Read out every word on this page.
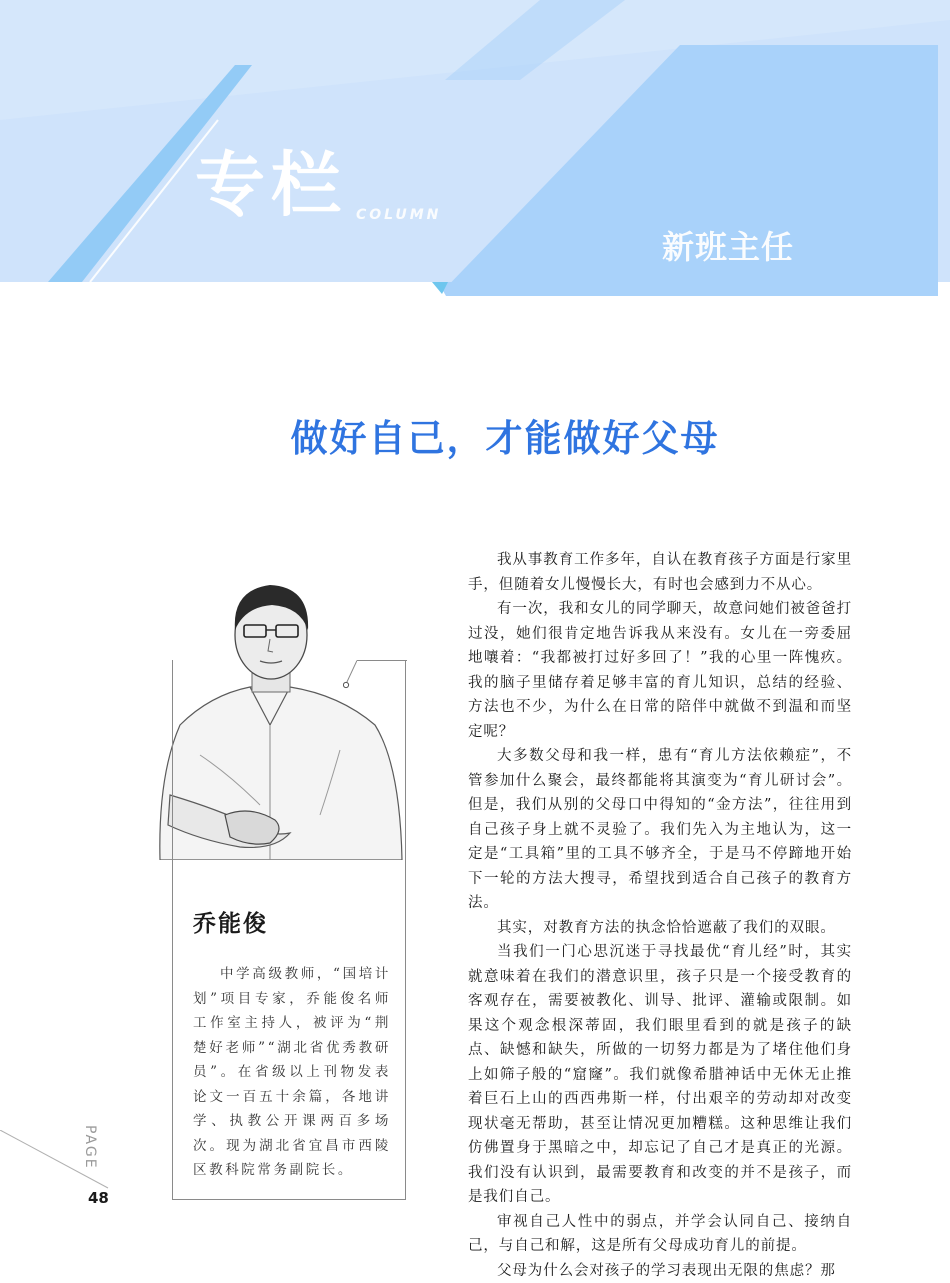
专栏 COLUMN
新班主任
做好自己，才能做好父母
乔能俊
中学高级教师，“国培计划”项目专家，乔能俊名师工作室主持人，被评为“荆楚好老师”“湖北省优秀教研员”。在省级以上刊物发表论文一百五十余篇，各地讲学、执教公开课两百多场次。现为湖北省宜昌市西陵区教科院常务副院长。
PAGE
48

我从事教育工作多年，自认在教育孩子方面是行家里手，但随着女儿慢慢长大，有时也会感到力不从心。

有一次，我和女儿的同学聊天，故意问她们被爸爸打过没，她们很肯定地告诉我从来没有。女儿在一旁委屈地嚷着：“我都被打过好多回了！”我的心里一阵愧疚。我的脑子里储存着足够丰富的育儿知识，总结的经验、方法也不少，为什么在日常的陪伴中就做不到温和而坚定呢？

大多数父母和我一样，患有“育儿方法依赖症”，不管参加什么聚会，最终都能将其演变为“育儿研讨会”。但是，我们从别的父母口中得知的“金方法”，往往用到自己孩子身上就不灵验了。我们先入为主地认为，这一定是“工具箱”里的工具不够齐全，于是马不停蹄地开始下一轮的方法大搜寻，希望找到适合自己孩子的教育方法。

其实，对教育方法的执念恰恰遮蔽了我们的双眼。

当我们一门心思沉迷于寻找最优“育儿经”时，其实就意味着在我们的潜意识里，孩子只是一个接受教育的客观存在，需要被教化、训导、批评、灌输或限制。如果这个观念根深蒂固，我们眼里看到的就是孩子的缺点、缺憾和缺失，所做的一切努力都是为了堵住他们身上如筛子般的“窟窿”。我们就像希腊神话中无休无止推着巨石上山的西西弗斯一样，付出艰辛的劳动却对改变现状毫无帮助，甚至让情况更加糟糕。这种思维让我们仿佛置身于黑暗之中，却忘记了自己才是真正的光源。我们没有认识到，最需要教育和改变的并不是孩子，而是我们自己。

审视自己人性中的弱点，并学会认同自己、接纳自己，与自己和解，这是所有父母成功育儿的前提。

父母为什么会对孩子的学习表现出无限的焦虑？那
